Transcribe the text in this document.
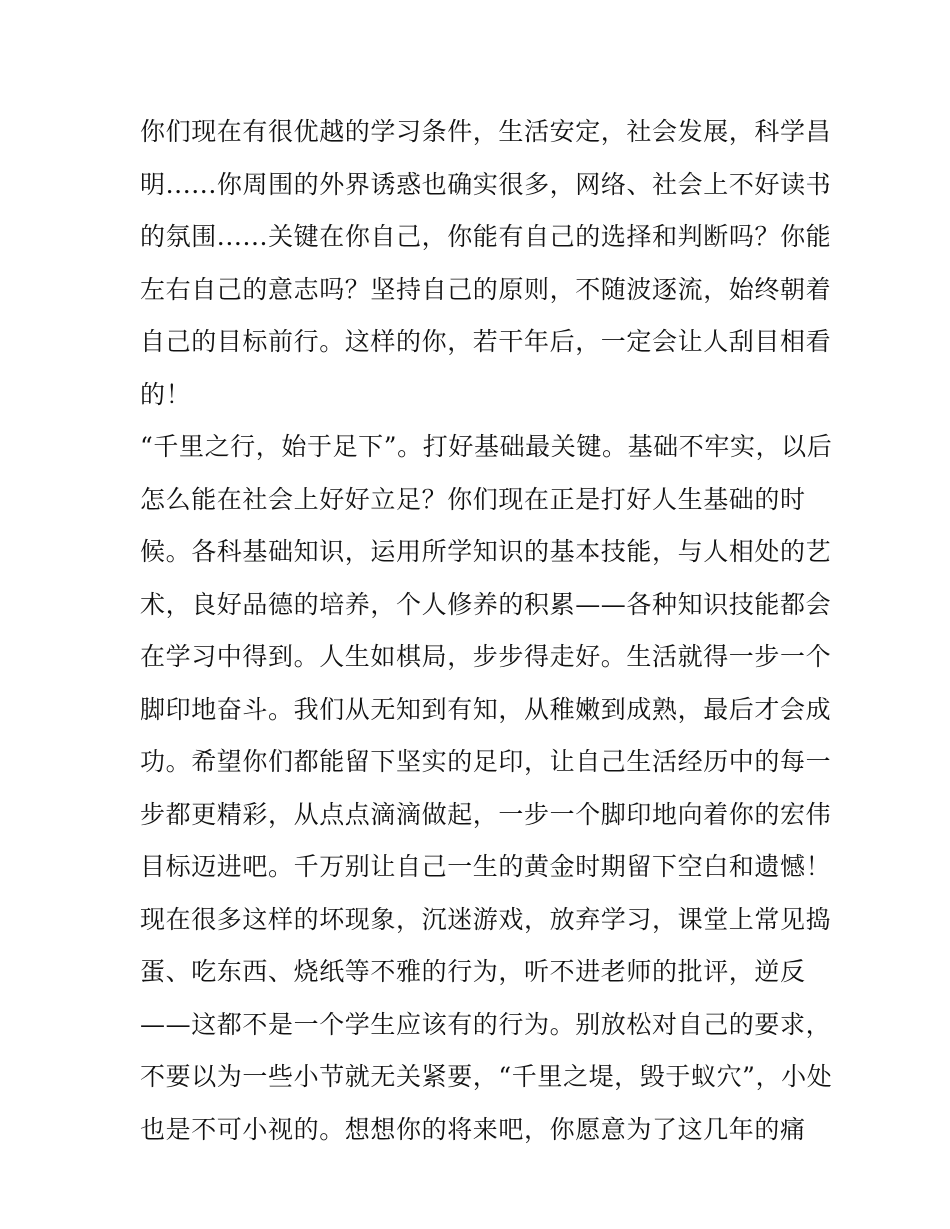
你们现在有很优越的学习条件，生活安定，社会发展，科学昌
明......你周围的外界诱惑也确实很多，网络、社会上不好读书
的氛围......关键在你自己，你能有自己的选择和判断吗？你能
左右自己的意志吗？坚持自己的原则，不随波逐流，始终朝着
自己的目标前行。这样的你，若干年后，一定会让人刮目相看
的！
“千里之行，始于足下”。打好基础最关键。基础不牢实，以后
怎么能在社会上好好立足？你们现在正是打好人生基础的时
候。各科基础知识，运用所学知识的基本技能，与人相处的艺
术，良好品德的培养，个人修养的积累——各种知识技能都会
在学习中得到。人生如棋局，步步得走好。生活就得一步一个
脚印地奋斗。我们从无知到有知，从稚嫩到成熟，最后才会成
功。希望你们都能留下坚实的足印，让自己生活经历中的每一
步都更精彩，从点点滴滴做起，一步一个脚印地向着你的宏伟
目标迈进吧。千万别让自己一生的黄金时期留下空白和遗憾！
现在很多这样的坏现象，沉迷游戏，放弃学习，课堂上常见捣
蛋、吃东西、烧纸等不雅的行为，听不进老师的批评，逆反
——这都不是一个学生应该有的行为。别放松对自己的要求，
不要以为一些小节就无关紧要，“千里之堤，毁于蚁穴”，小处
也是不可小视的。想想你的将来吧，你愿意为了这几年的痛
